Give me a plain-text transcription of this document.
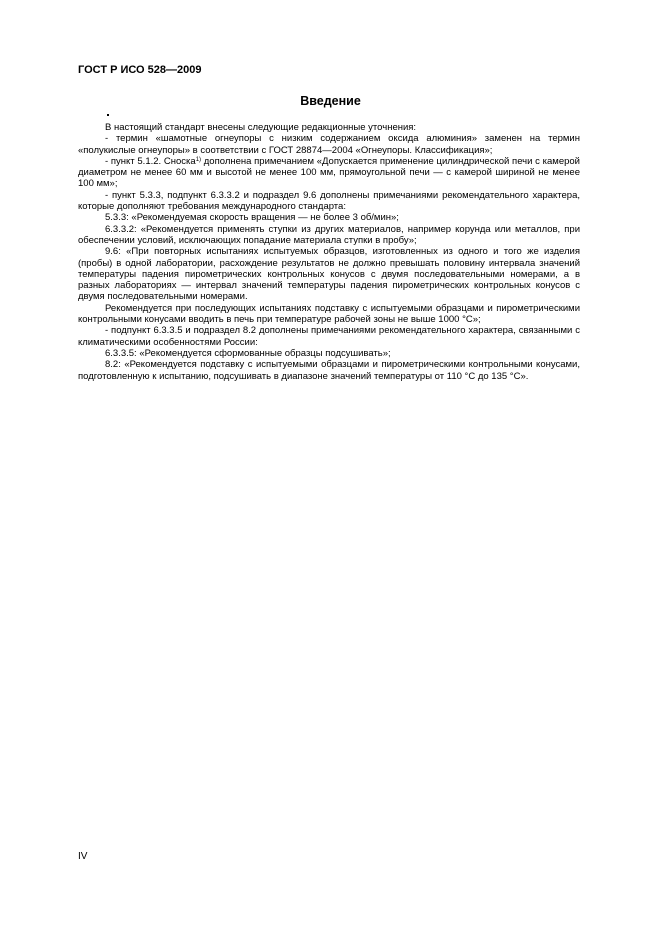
ГОСТ Р ИСО 528—2009
Введение

В настоящий стандарт внесены следующие редакционные уточнения:

- термин «шамотные огнеупоры с низким содержанием оксида алюминия» заменен на термин «полукислые огнеупоры» в соответствии с ГОСТ 28874—2004 «Огнеупоры. Классификация»;

- пункт 5.1.2. Сноска$^{1)}$ дополнена примечанием «Допускается применение цилиндрической печи с камерой диаметром не менее 60 мм и высотой не менее 100 мм, прямоугольной печи — с камерой шириной не менее 100 мм»;

- пункт 5.3.3, подпункт 6.3.3.2 и подраздел 9.6 дополнены примечаниями рекомендательного характера, которые дополняют требования международного стандарта:

5.3.3: «Рекомендуемая скорость вращения — не более 3 об/мин»;

6.3.3.2: «Рекомендуется применять ступки из других материалов, например корунда или металлов, при обеспечении условий, исключающих попадание материала ступки в пробу»;

9.6: «При повторных испытаниях испытуемых образцов, изготовленных из одного и того же изделия (пробы) в одной лаборатории, расхождение результатов не должно превышать половину интервала значений температуры падения пирометрических контрольных конусов с двумя последовательными номерами, а в разных лабораториях — интервал значений температуры падения пирометрических контрольных конусов с двумя последовательными номерами.

Рекомендуется при последующих испытаниях подставку с испытуемыми образцами и пирометрическими контрольными конусами вводить в печь при температуре рабочей зоны не выше 1000 °С»;

- подпункт 6.3.3.5 и подраздел 8.2 дополнены примечаниями рекомендательного характера, связанными с климатическими особенностями России:

6.3.3.5: «Рекомендуется сформованные образцы подсушивать»;

8.2: «Рекомендуется подставку с испытуемыми образцами и пирометрическими контрольными конусами, подготовленную к испытанию, подсушивать в диапазоне значений температуры от 110 °С до 135 °С».

IV
